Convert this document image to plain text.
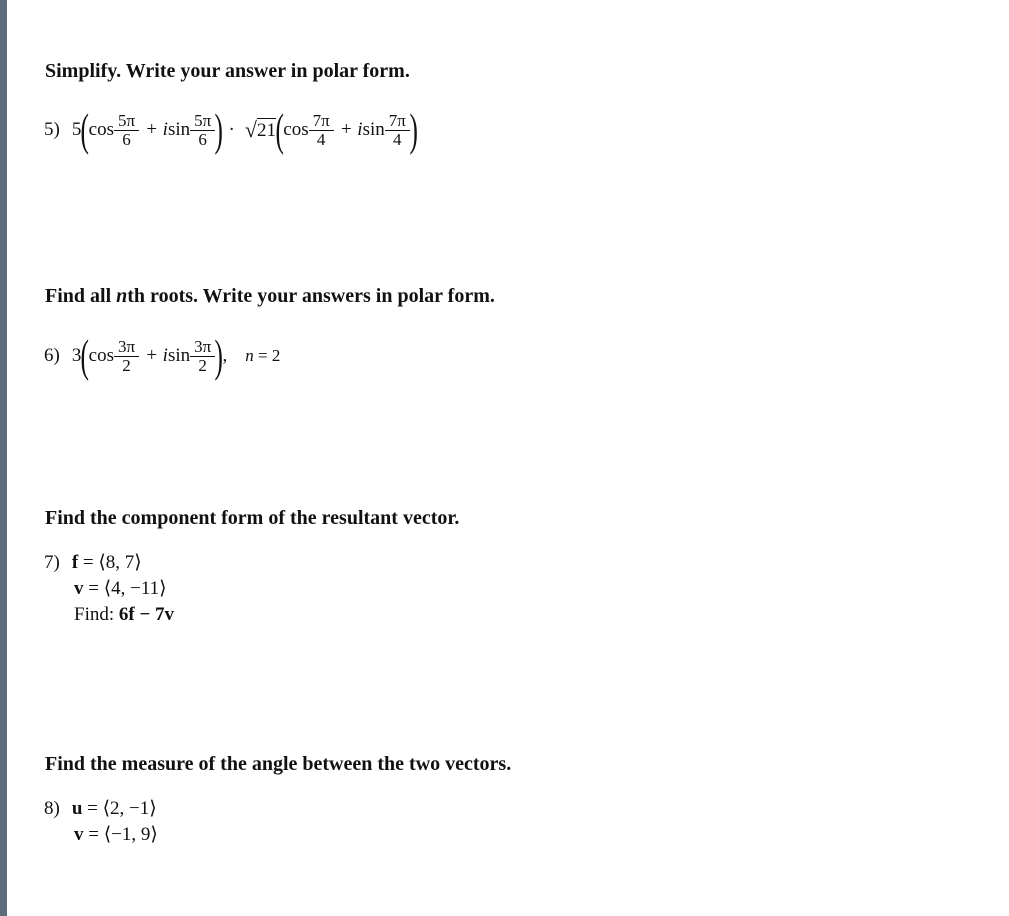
Simplify. Write your answer in polar form.
5) 5 ( $\cos \frac{5\pi}{6} + i$ $\sin \frac{5\pi}{6}$ ) · √ 21 ( $\cos \frac{7\pi}{4} + i$ $\sin \frac{7\pi}{4}$ )
Find all nth roots. Write your answers in polar form.
6) 3 ( $\cos \frac{3\pi}{2} + i$ $\sin \frac{3\pi}{2}$ ) , n = 2
Find the component form of the resultant vector.
7) f = ⟨8, 7⟩
v = ⟨4, −11⟩
Find: 6f − 7v
Find the measure of the angle between the two vectors.
8) u = ⟨2, −1⟩
v = ⟨−1, 9⟩
